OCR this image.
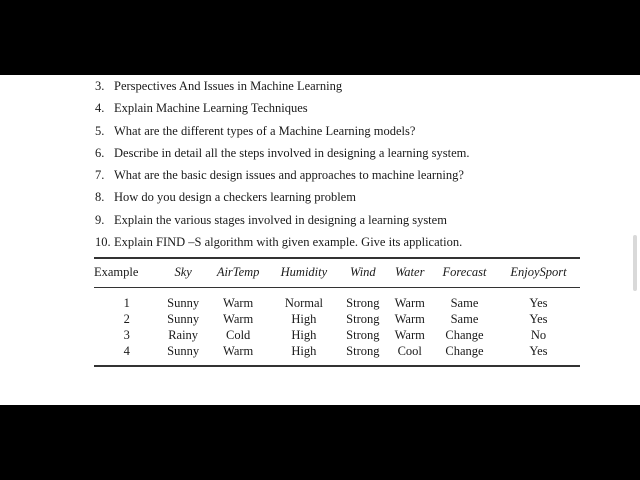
3. Perspectives And Issues in Machine Learning
4. Explain Machine Learning Techniques
5. What are the different types of a Machine Learning models?
6. Describe in detail all the steps involved in designing a learning system.
7. What are the basic design issues and approaches to machine learning?
8. How do you design a checkers learning problem
9. Explain the various stages involved in designing a learning system
10. Explain FIND –S algorithm with given example. Give its application.
Example	Sky	AirTemp	Humidity	Wind	Water	Forecast	EnjoySport

1	Sunny	Warm	Normal	Strong	Warm	Same	Yes
2	Sunny	Warm	High	Strong	Warm	Same	Yes
3	Rainy	Cold	High	Strong	Warm	Change	No
4	Sunny	Warm	High	Strong	Cool	Change	Yes
